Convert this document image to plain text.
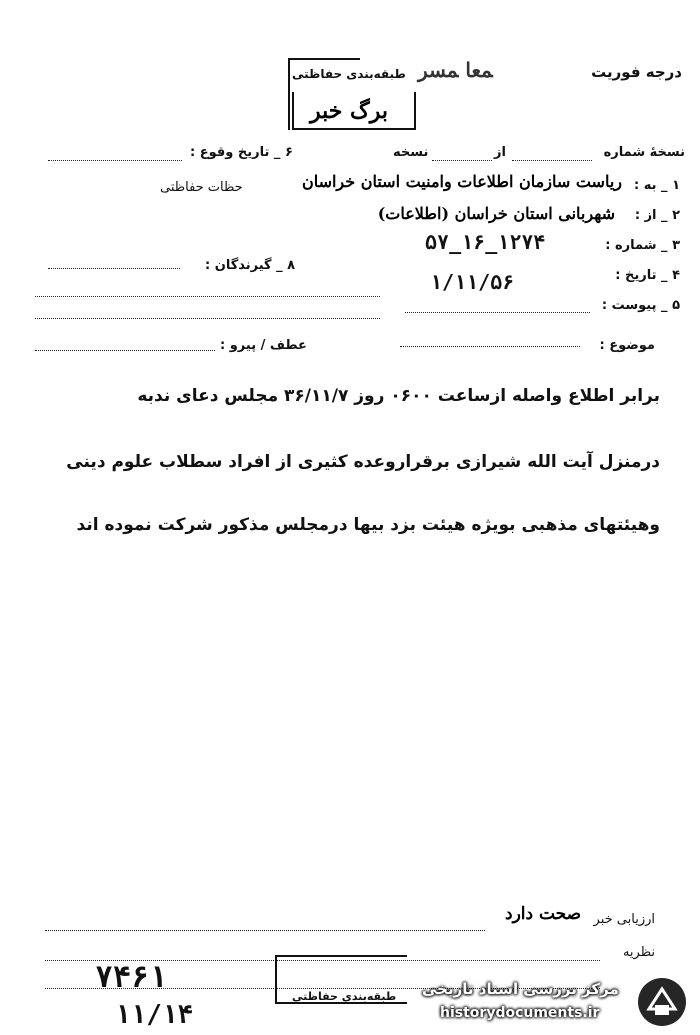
درجه فوریت
طبقه‌بندی حفاظتی
برگ خبر
ﻤﻌﺎ ﻤﺴﺮ
نسخهٔ شماره
از
نسخه
۶ _ تاریخ وقوع :
۱ _ به :
ریاست سازمان اطلاعات وامنیت استان خراسان
حظات حفاظتی
۲ _ از :
شهربانی استان خراسان (اطلاعات)
۳ _ شماره :
۱۲۷۴_۱۶_۵۷
۸ _ گیرندگان :
۴ _ تاریخ :
۱/۱۱/۵۶
۵ _ پیوست :
عطف / پیرو :	موضوع :
برابر اطلاع واصله ازساعت ۰۶۰۰ روز ۳۶/۱۱/۷ مجلس دعای ندبه
درمنزل آیت الله شیرازی برقراروعده کثیری از افراد سطلاب علوم دینی
وهیئتهای مذهبی بویژه هیئت بزد بیها درمجلس مذکور شرکت نموده اند
ارزیابی خبر
صحت دارد
نظریه
۷۴۶۱
۱۱/۱۴
طبقه‌بندی حفاظتی مرکز بررسی اسناد تاریخی
historydocuments.ir
